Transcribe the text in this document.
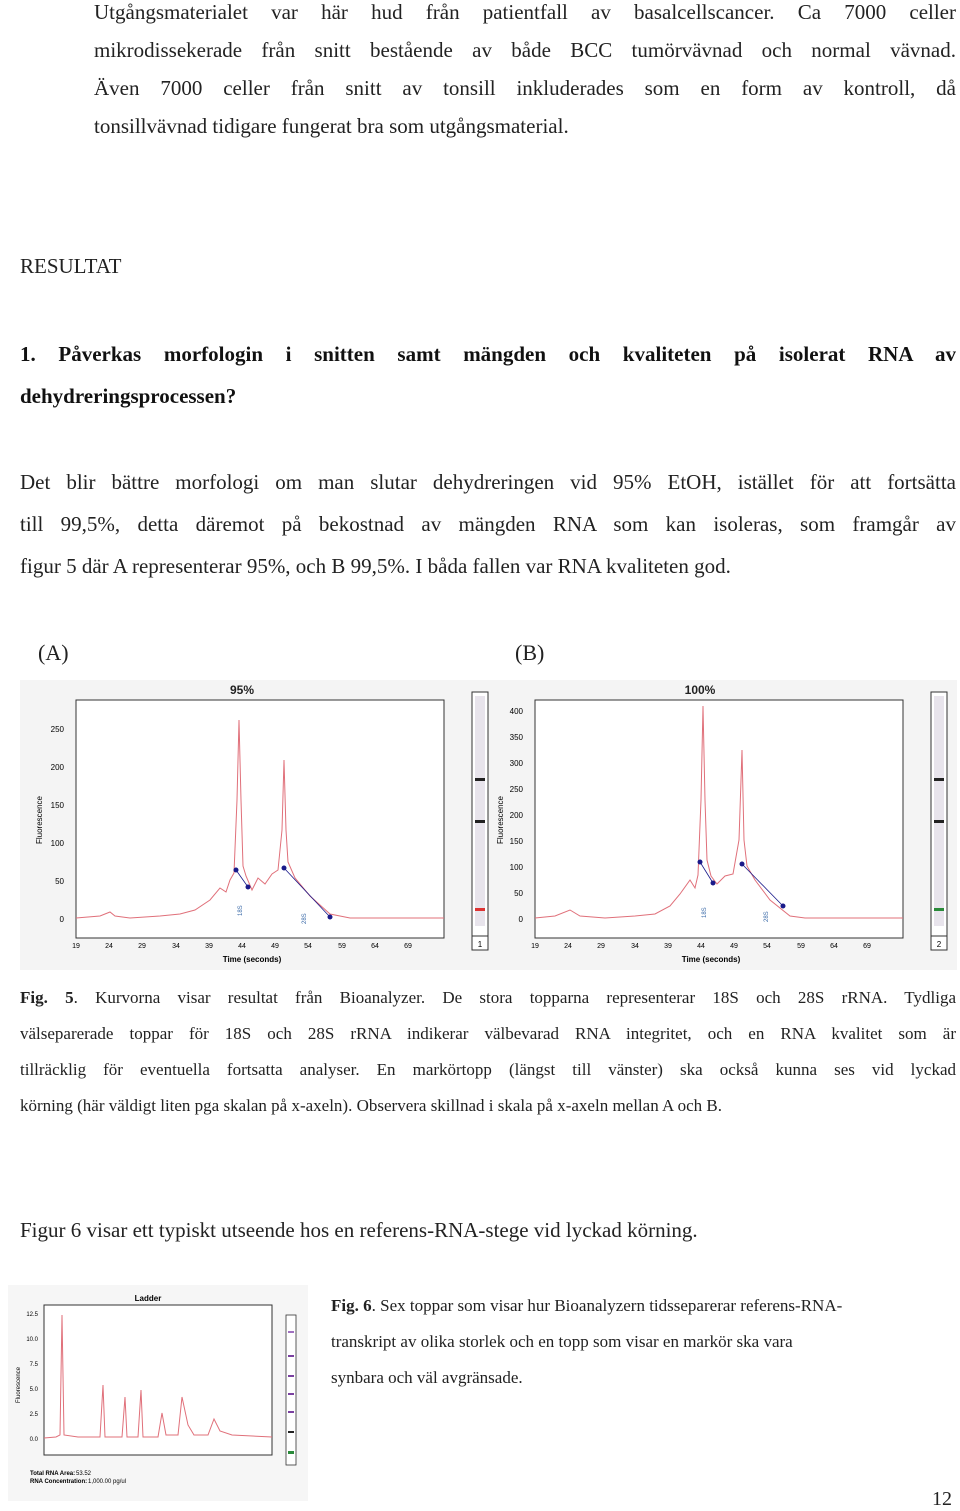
Utgångsmaterialet var här hud från patientfall av basalcellscancer. Ca 7000 celler
mikrodissekerade från snitt bestående av både BCC tumörvävnad och normal vävnad.
Även 7000 celler från snitt av tonsill inkluderades som en form av kontroll, då
tonsillvävnad tidigare fungerat bra som utgångsmaterial.
RESULTAT
1. Påverkas morfologin i snitten samt mängden och kvaliteten på isolerat RNA av
dehydreringsprocessen?
Det blir bättre morfologi om man slutar dehydreringen vid 95% EtOH, istället för att fortsätta
till 99,5%, detta däremot på bekostnad av mängden RNA som kan isoleras, som framgår av
figur 5 där A representerar 95%, och B 99,5%. I båda fallen var RNA kvaliteten god.
(A)	(B)
95%
0
50
100
150
200
250
Fluorescence
19	24	29	34	39	44	49	54	59	64	69
Time (seconds)
18S
28S
1
100%
0
50
100
150
200
250
300
350
400
Fluorescence
19	24	29	34	39	44	49	54	59	64	69
Time (seconds)
18S	28S
2
Fig. 5. Kurvorna visar resultat från Bioanalyzer. De stora topparna representerar 18S och 28S rRNA. Tydliga
välseparerade toppar för 18S och 28S rRNA indikerar välbevarad RNA integritet, och en RNA kvalitet som är
tillräcklig för eventuella fortsatta analyser. En markörtopp (längst till vänster) ska också kunna ses vid lyckad
körning (här väldigt liten pga skalan på x-axeln). Observera skillnad i skala på x-axeln mellan A och B.
Figur 6 visar ett typiskt utseende hos en referens-RNA-stege vid lyckad körning.
Ladder
0.0
2.5
5.0
7.5
10.0
12.5
Fluorescence
Total RNA Area: 53.52
RNA Concentration: 1,000.00 pg/ul
Fig. 6. Sex toppar som visar hur Bioanalyzern tidsseparerar referens-RNA-
transkript av olika storlek och en topp som visar en markör ska vara
synbara och väl avgränsade.
12
